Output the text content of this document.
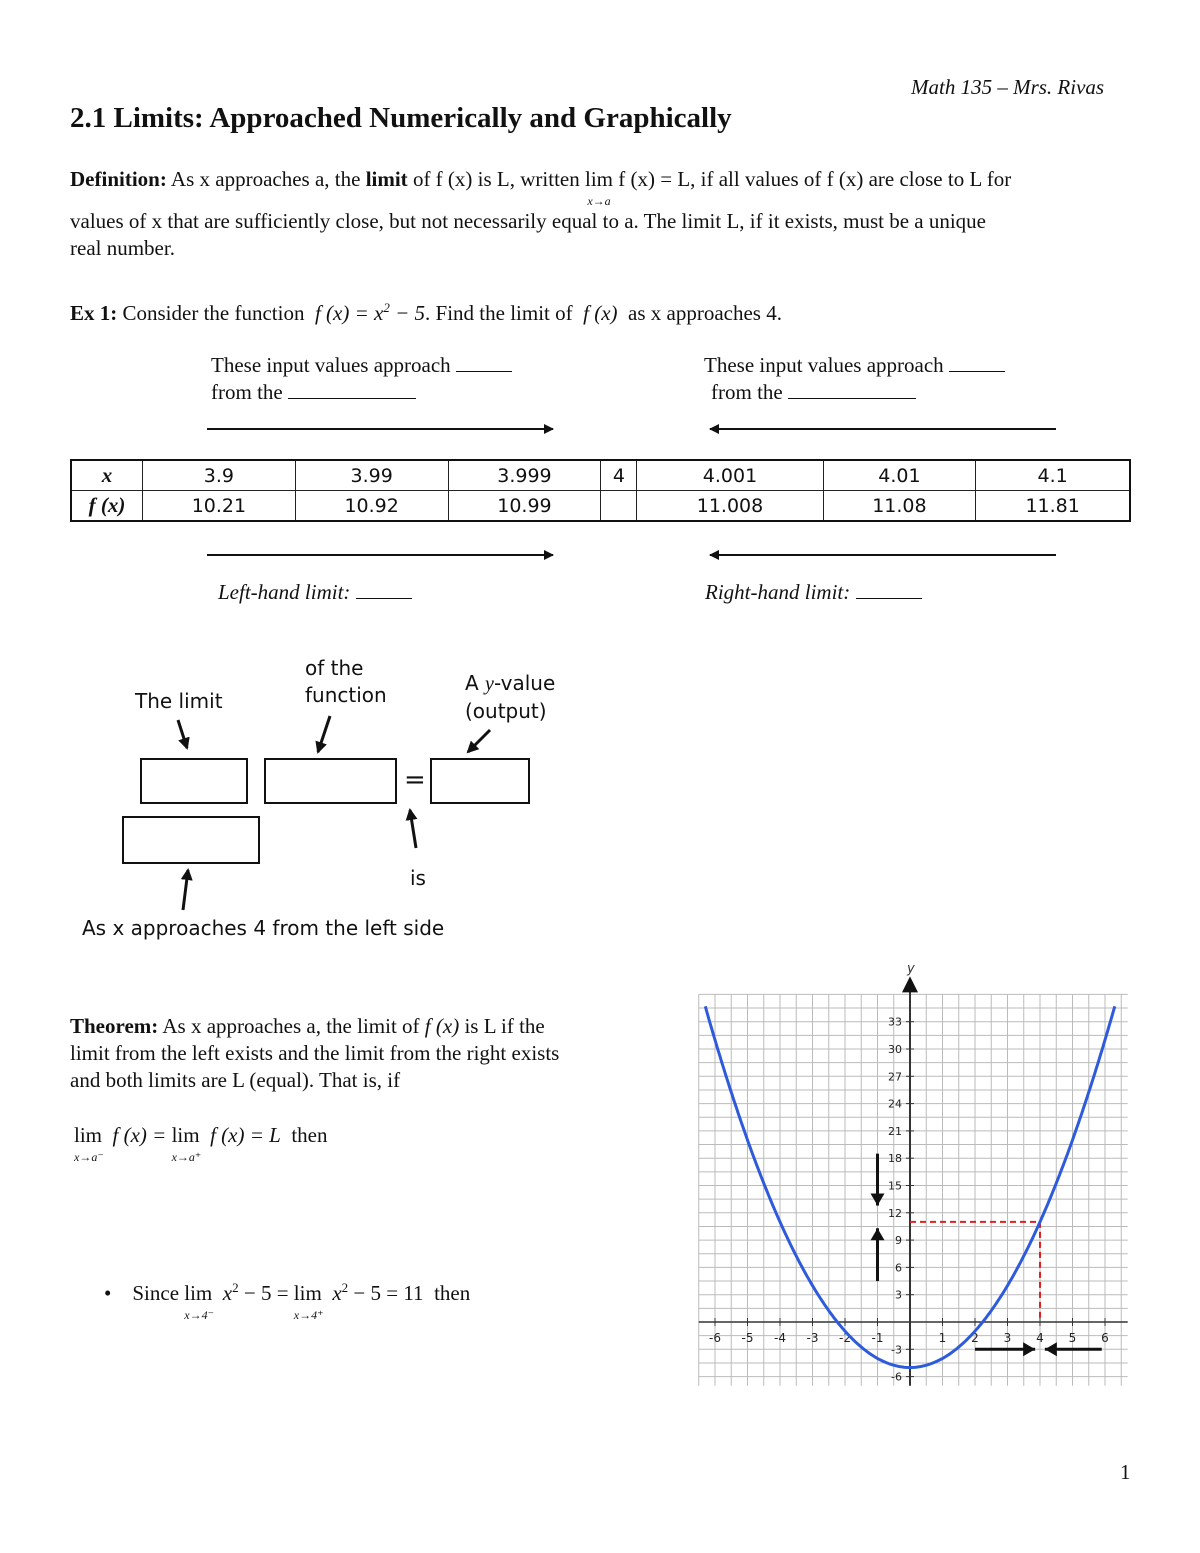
Math 135 – Mrs. Rivas
2.1 Limits: Approached Numerically and Graphically
Definition: As x approaches a, the limit of f (x) is L, written lim
x→a
f (x) = L, if all values of f (x) are close to L for
values of x that are sufficiently close, but not necessarily equal to a. The limit L, if it exists, must be a unique
real number.
Ex 1: Consider the function f $(x) = x^2 - 5$. Find the limit of f (x) as x approaches 4.
These input values approach
from the
These input values approach
from the
x	3.9	3.99	3.999	4	4.001	4.01	4.1
f (x)	10.21	10.92	10.99		11.008	11.08	11.81
Left-hand limit:	Right-hand limit:
The limit
of the
function	A y-value
(output)
=
is
As x approaches 4 from the left side
Theorem: As x approaches a, the limit of f (x) is L if the
limit from the left exists and the limit from the right exists
and both limits are L (equal). That is, if
lim
x→a⁻
f (x) = lim
x→a⁺
f (x) = L then
• Since lim
x→4⁻
$x^2 - 5 = \lim$
x→4⁺
$x^2 - 5 = 11$ then
y
-6 -5 -4 -3 -2 -1	1 2 3 4 5 6
33
30
27
24
21
18
15
12
9
6
3
-3
-6
1
